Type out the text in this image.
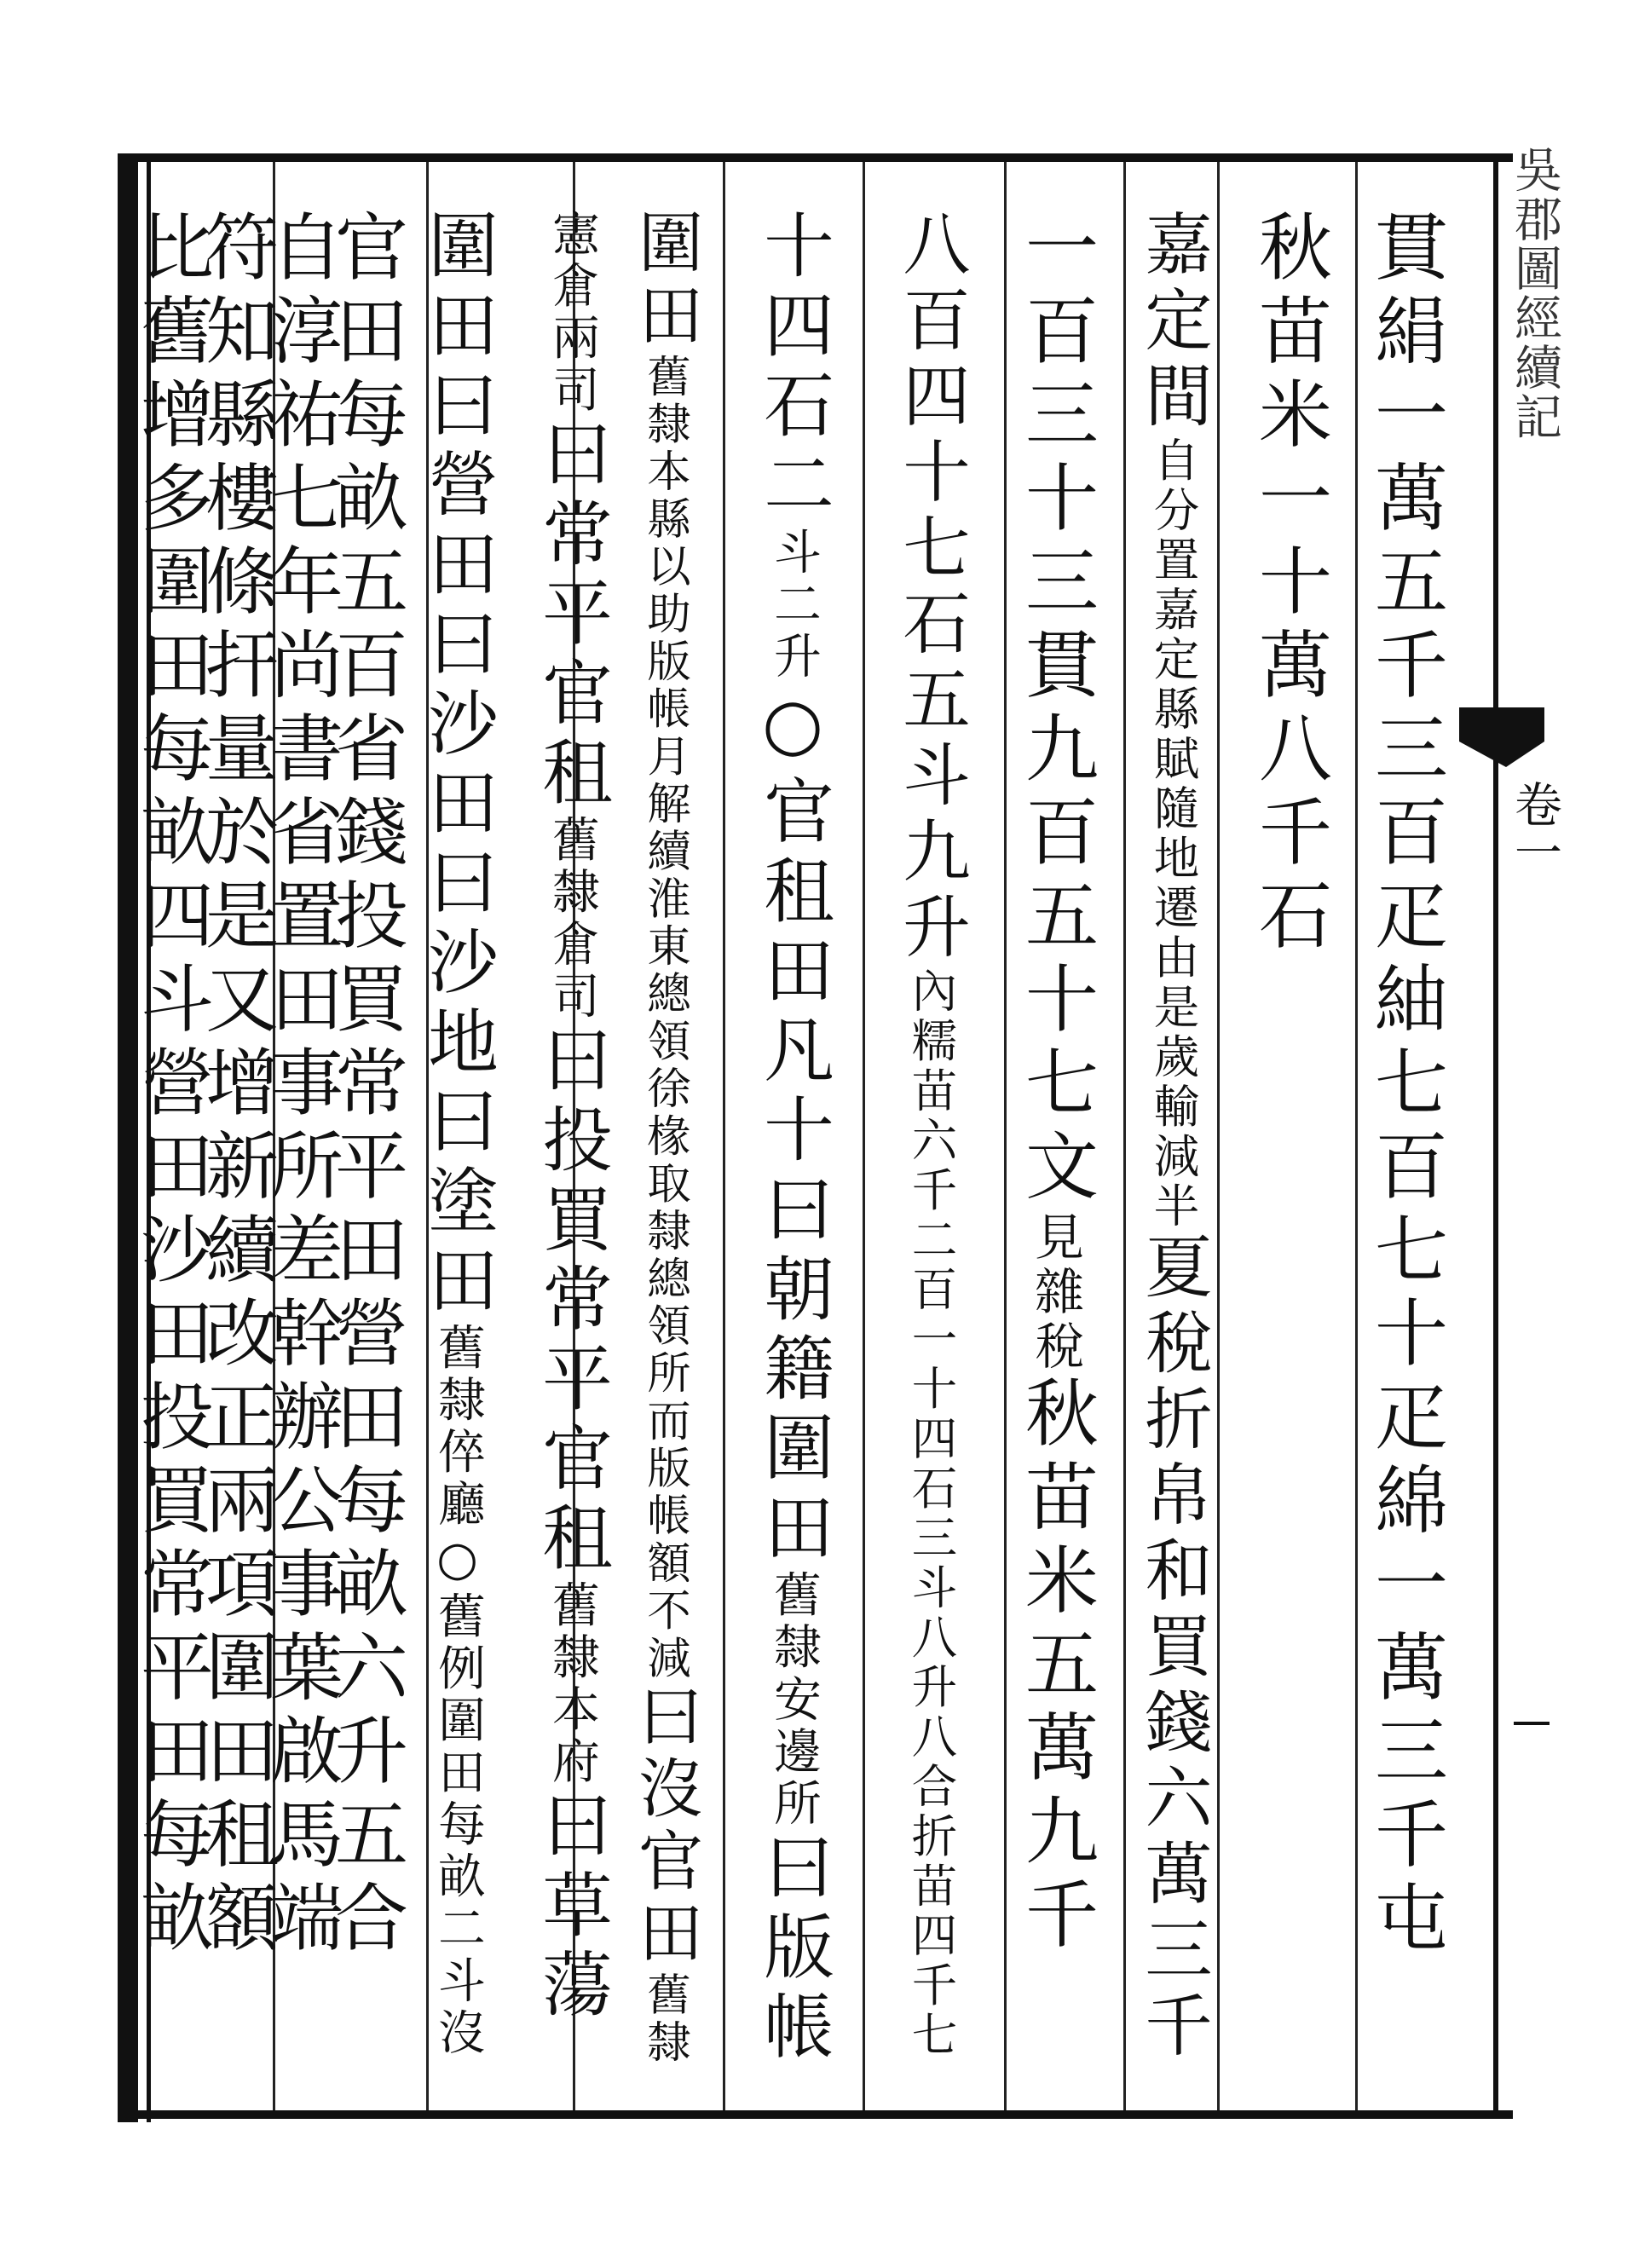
吳郡圖經續記
卷一
貫絹一萬五千三百疋紬七百七十疋綿一萬三千屯
秋苗米一十萬八千石
嘉定間自分置嘉定縣賦隨地遷由是歲輸減半夏稅折帛和買錢六萬三千
一百三十三貫九百五十七文見雜稅秋苗米五萬九千
八百四十七石五斗九升內糯苗六千二百一十四石三斗八升八合折苗四千七
十四石二斗二升○官租田凡十曰朝籍圍田舊隸安邊所曰版帳
圍田舊隸本縣以助版帳月解續淮東總領徐椽取隸總領所而版帳額不減曰沒官田舊隸
憲倉兩司曰常平官租舊隸倉司曰投買常平官租舊隸本府曰草蕩
圍田曰營田曰沙田曰沙地曰塗田舊隸倅廳○舊例圍田每畝二斗沒
官田每畝五百省錢投買常平田營田每畝六升五合
自淳祐七年尚書省置田事所差幹辦公事葉啟馬端
符知縣樓條扞量於是又增新續改正兩項圍田租額
比舊增多圍田每畝四斗營田沙田投買常平田每畝
